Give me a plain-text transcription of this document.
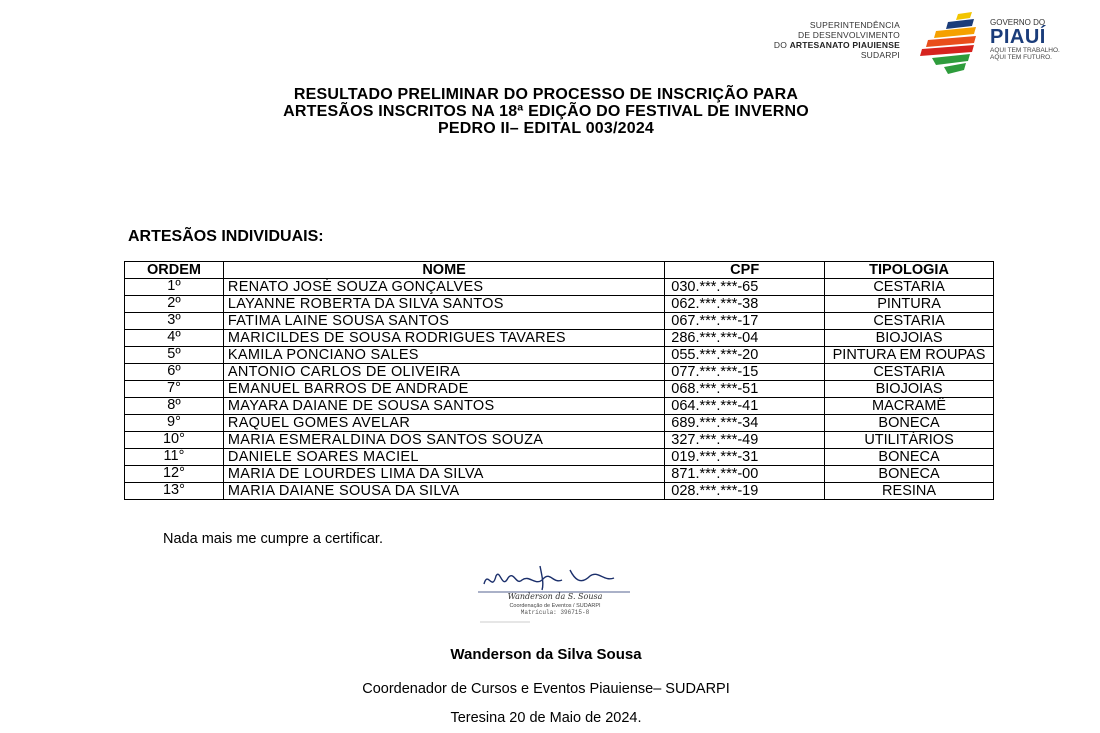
SUPERINTENDÊNCIA
DE DESENVOLVIMENTO
DO ARTESANATO PIAUIENSE
SUDARPI
GOVERNO DO
PIAUÍ
AQUI TEM TRABALHO.
AQUI TEM FUTURO.
RESULTADO PRELIMINAR DO PROCESSO DE INSCRIÇÃO PARA
ARTESÃOS INSCRITOS NA 18ª EDIÇÃO DO FESTIVAL DE INVERNO
PEDRO II– EDITAL 003/2024
ARTESÃOS INDIVIDUAIS:
ORDEM	NOME	CPF	TIPOLOGIA
1º	RENATO JOSÉ SOUZA GONÇALVES	030.***.***-65	CESTARIA
2º	LAYANNE ROBERTA DA SILVA SANTOS	062.***.***-38	PINTURA
3º	FATIMA LAINE SOUSA SANTOS	067.***.***-17	CESTARIA
4º	MARICILDES DE SOUSA RODRIGUES TAVARES	286.***.***-04	BIOJOIAS
5º	KAMILA PONCIANO SALES	055.***.***-20	PINTURA EM ROUPAS
6º	ANTONIO CARLOS DE OLIVEIRA	077.***.***-15	CESTARIA
7°	EMANUEL BARROS DE ANDRADE	068.***.***-51	BIOJOIAS
8º	MAYARA DAIANE DE SOUSA SANTOS	064.***.***-41	MACRAMÊ
9°	RAQUEL GOMES AVELAR	689.***.***-34	BONECA
10°	MARIA ESMERALDINA DOS SANTOS SOUZA	327.***.***-49	UTILITÁRIOS
11°	DANIELE SOARES MACIEL	019.***.***-31	BONECA
12°	MARIA DE LOURDES LIMA DA SILVA	871.***.***-00	BONECA
13°	MARIA DAIANE SOUSA DA SILVA	028.***.***-19	RESINA
Nada mais me cumpre a certificar.
Wanderson da S. Sousa
Coordenação de Eventos / SUDARPI
Matrícula: 396715-8
Wanderson da Silva Sousa
Coordenador de Cursos e Eventos Piauiense– SUDARPI
Teresina 20 de Maio de 2024.
